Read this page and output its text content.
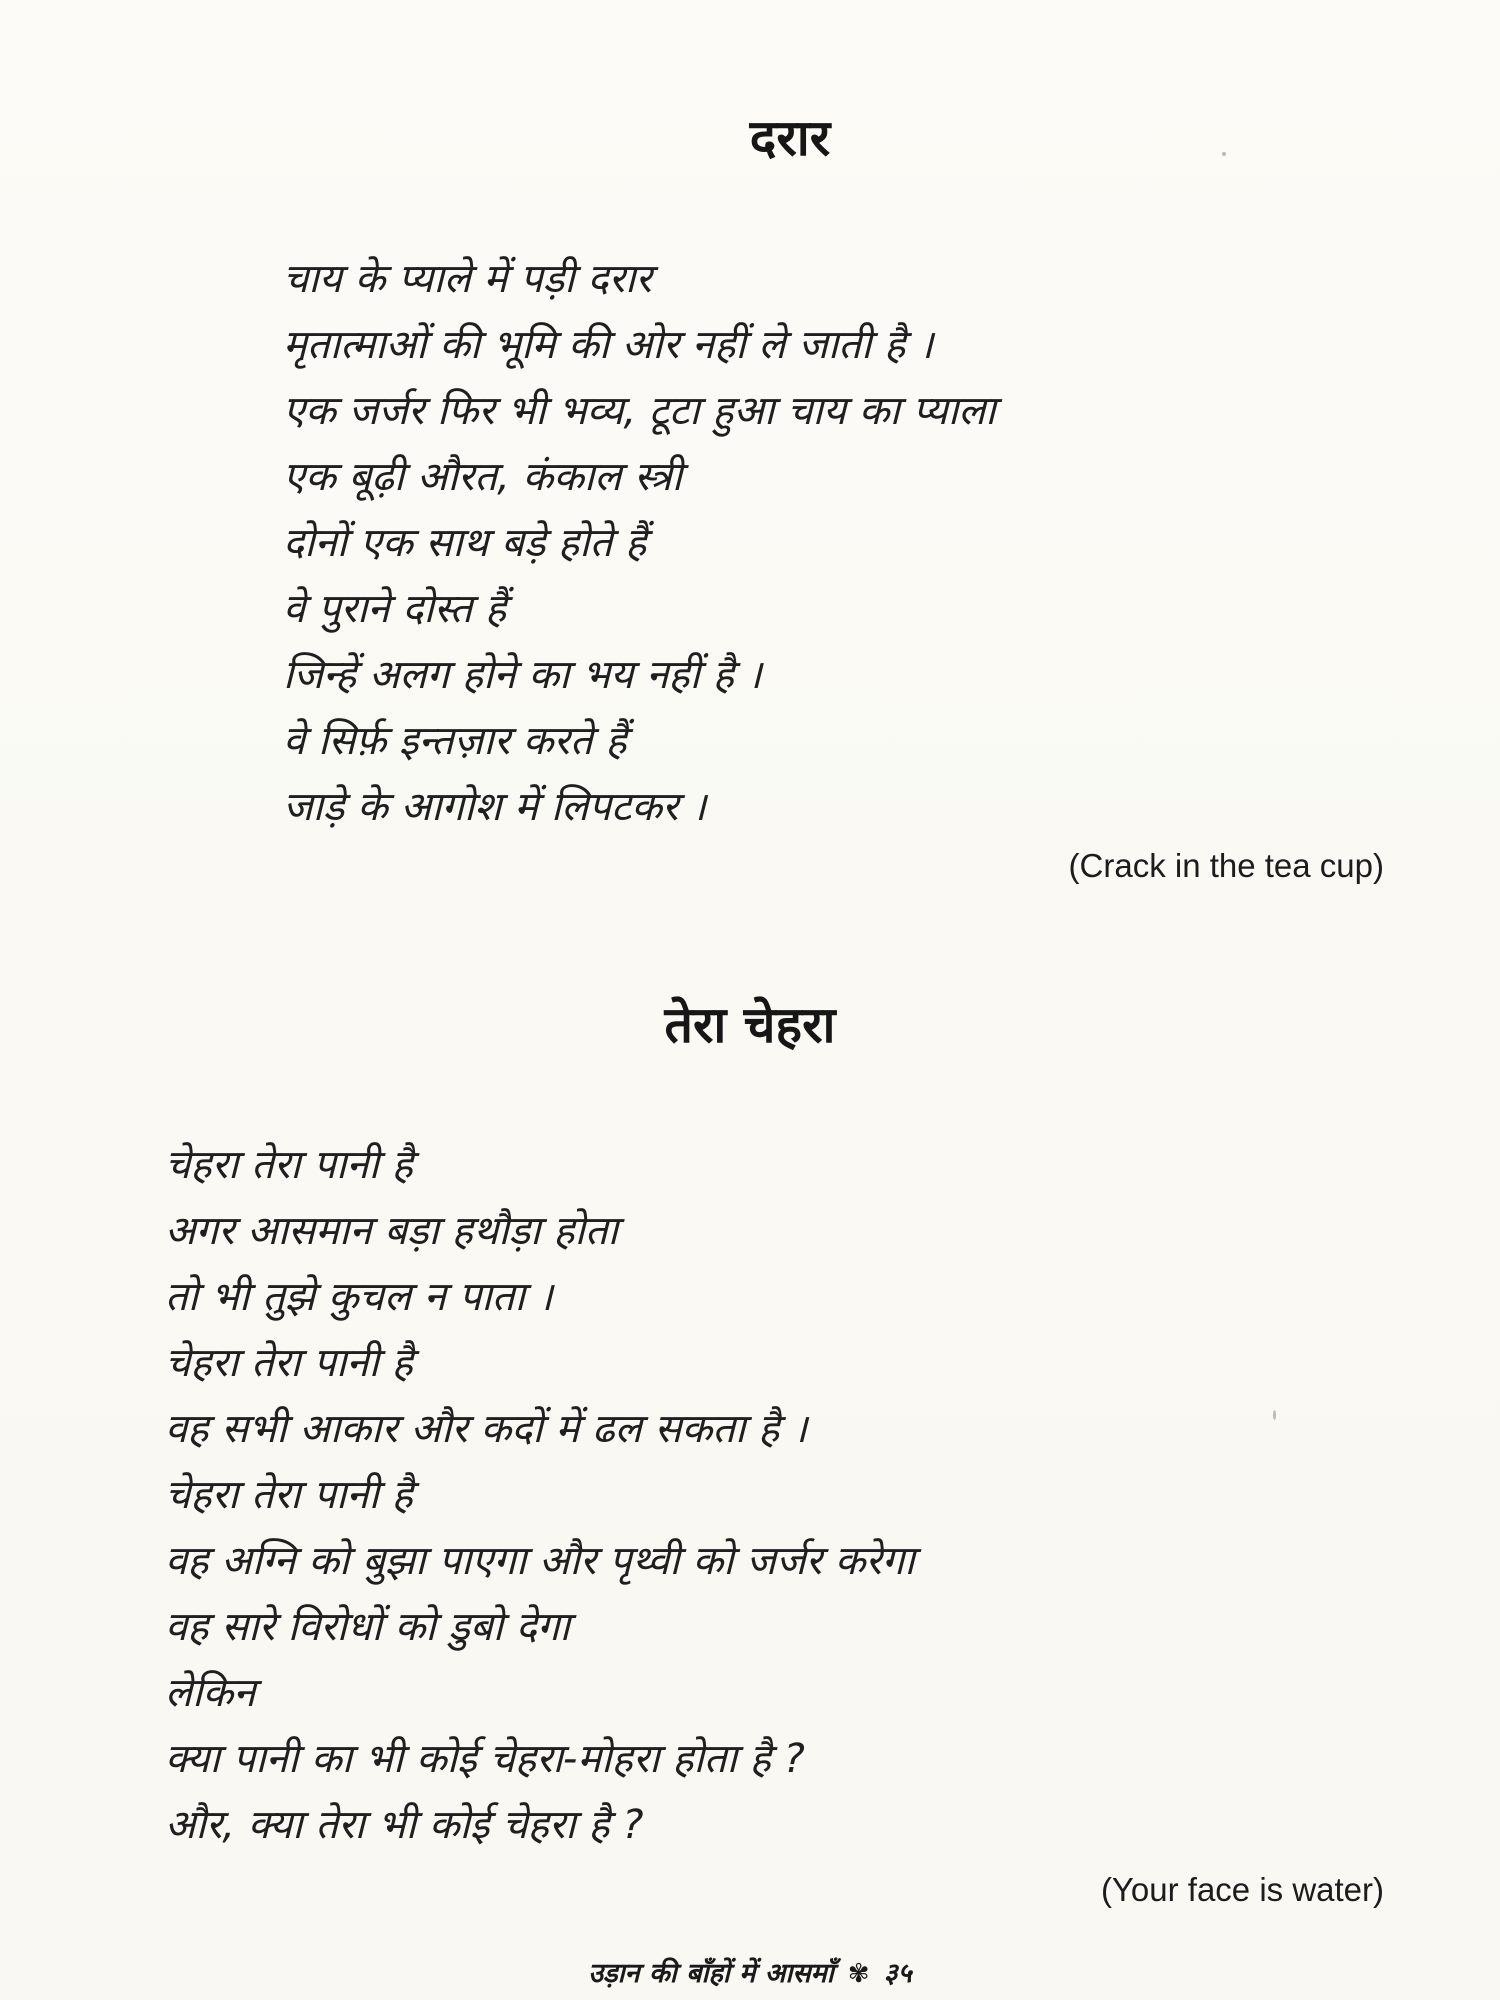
दरार
चाय के प्याले में पड़ी दरार
मृतात्माओं की भूमि की ओर नहीं ले जाती है ।
एक जर्जर फिर भी भव्य, टूटा हुआ चाय का प्याला
एक बूढ़ी औरत, कंकाल स्त्री
दोनों एक साथ बड़े होते हैं
वे पुराने दोस्त हैं
जिन्हें अलग होने का भय नहीं है ।
वे सिर्फ़ इन्तज़ार करते हैं
जाड़े के आगोश में लिपटकर ।
(Crack in the tea cup)
तेरा चेहरा
चेहरा तेरा पानी है
अगर आसमान बड़ा हथौड़ा होता
तो भी तुझे कुचल न पाता ।
चेहरा तेरा पानी है
वह सभी आकार और कदों में ढल सकता है ।
चेहरा तेरा पानी है
वह अग्नि को बुझा पाएगा और पृथ्वी को जर्जर करेगा
वह सारे विरोधों को डुबो देगा
लेकिन
क्या पानी का भी कोई चेहरा-मोहरा होता है ?
और, क्या तेरा भी कोई चेहरा है ?
(Your face is water)
उड़ान की बाँहों में आसमाँ ✾ ३५
